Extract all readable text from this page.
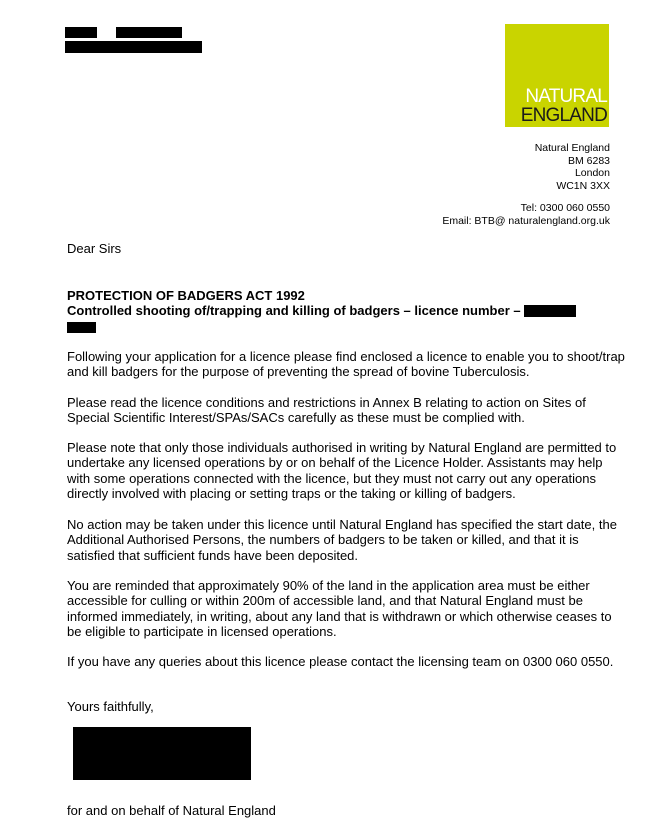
NATURAL
ENGLAND
Natural England
BM 6283
London
WC1N 3XX
Tel: 0300 060 0550
Email: BTB@ naturalengland.org.uk
Dear Sirs
PROTECTION OF BADGERS ACT 1992
Controlled shooting of/trapping and killing of badgers – licence number –

Following your application for a licence please find enclosed a licence to enable you to shoot/trap and kill badgers for the purpose of preventing the spread of bovine Tuberculosis.

Please read the licence conditions and restrictions in Annex B relating to action on Sites of Special Scientific Interest/SPAs/SACs carefully as these must be complied with.

Please note that only those individuals authorised in writing by Natural England are permitted to undertake any licensed operations by or on behalf of the Licence Holder. Assistants may help with some operations connected with the licence, but they must not carry out any operations directly involved with placing or setting traps or the taking or killing of badgers.

No action may be taken under this licence until Natural England has specified the start date, the Additional Authorised Persons, the numbers of badgers to be taken or killed, and that it is satisfied that sufficient funds have been deposited.

You are reminded that approximately 90% of the land in the application area must be either accessible for culling or within 200m of accessible land, and that Natural England must be informed immediately, in writing, about any land that is withdrawn or which otherwise ceases to be eligible to participate in licensed operations.

If you have any queries about this licence please contact the licensing team on 0300 060 0550.

Yours faithfully,
for and on behalf of Natural England
